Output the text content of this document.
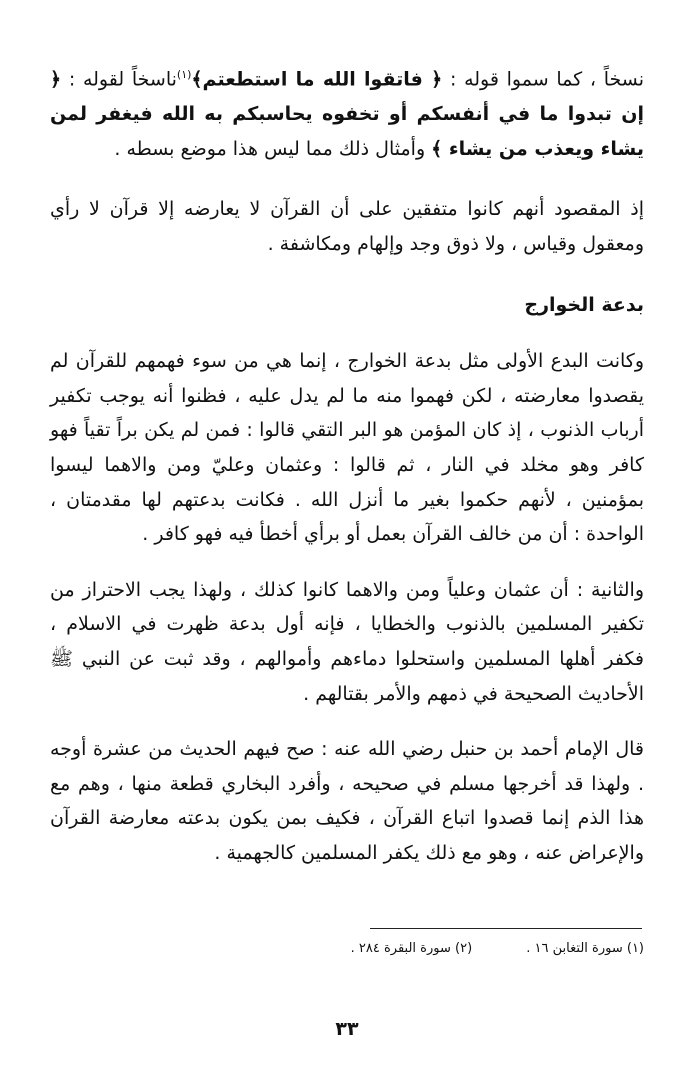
نسخاً ، كما سموا قوله : ﴿ فاتقوا الله ما استطعتم﴾$^{(١)}$ناسخاً لقوله : ﴿ إن تبدوا ما في أنفسكم أو تخفوه يحاسبكم به الله فيغفر لمن يشاء ويعذب من يشاء ﴾ وأمثال ذلك مما ليس هذا موضع بسطه .

إذ المقصود أنهم كانوا متفقين على أن القرآن لا يعارضه إلا قرآن لا رأي ومعقول وقياس ، ولا ذوق وجد وإلهام ومكاشفة .

بدعة الخوارج

وكانت البدع الأولى مثل بدعة الخوارج ، إنما هي من سوء فهمهم للقرآن لم يقصدوا معارضته ، لكن فهموا منه ما لم يدل عليه ، فظنوا أنه يوجب تكفير أرباب الذنوب ، إذ كان المؤمن هو البر التقي قالوا : فمن لم يكن براً تقياً فهو كافر وهو مخلد في النار ، ثم قالوا : وعثمان وعليّ ومن والاهما ليسوا بمؤمنين ، لأنهم حكموا بغير ما أنزل الله . فكانت بدعتهم لها مقدمتان ، الواحدة : أن من خالف القرآن بعمل أو برأي أخطأ فيه فهو كافر .

والثانية : أن عثمان وعلياً ومن والاهما كانوا كذلك ، ولهذا يجب الاحتراز من تكفير المسلمين بالذنوب والخطايا ، فإنه أول بدعة ظهرت في الاسلام ، فكفر أهلها المسلمين واستحلوا دماءهم وأموالهم ، وقد ثبت عن النبي ﷺ الأحاديث الصحيحة في ذمهم والأمر بقتالهم .

قال الإمام أحمد بن حنبل رضي الله عنه : صح فيهم الحديث من عشرة أوجه . ولهذا قد أخرجها مسلم في صحيحه ، وأفرد البخاري قطعة منها ، وهم مع هذا الذم إنما قصدوا اتباع القرآن ، فكيف بمن يكون بدعته معارضة القرآن والإعراض عنه ، وهو مع ذلك يكفر المسلمين كالجهمية .

(١) سورة التغابن ١٦ . (٢) سورة البقرة ٢٨٤ .
٣٣
